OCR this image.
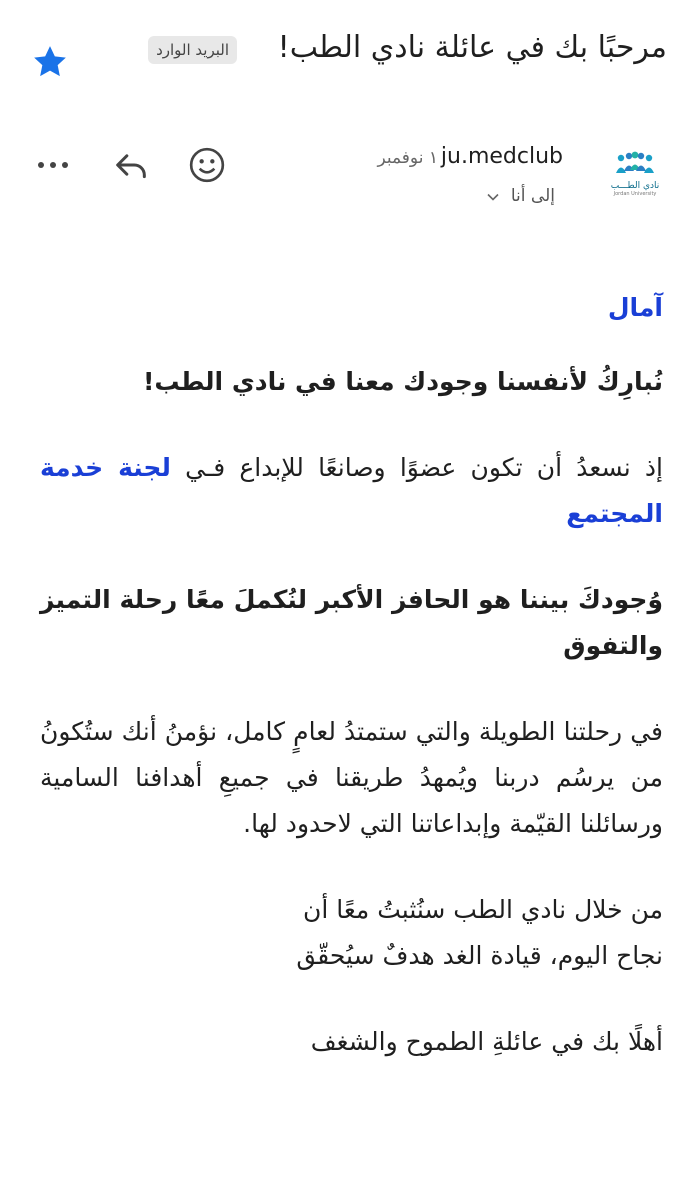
مرحبًا بك في عائلة نادي الطب!
البريد الوارد
نادي الطـــب
Jordan University
ju.medclub
١ نوفمبر
إلى أنا

آمال

نُبارِكُ لأنفسنا وجودك معنا في نادي الطب!

إذ نسعدُ أن تكون عضوًا وصانعًا للإبداع فـي لجنة خدمة المجتمع

وُجودكَ بيننا هو الحافز الأكبر لنُكملَ معًا رحلة التميز والتفوق

في رحلتنا الطويلة والتي ستمتدُ لعامٍ كامل، نؤمنُ أنك ستُكونُ من يرسُم دربنا ويُمهدُ طريقنا في جميعِ أهدافنا السامية ورسائلنا القيّمة وإبداعاتنا التي لاحدود لها.

من خلال نادي الطب سنُثبتُ معًا أن
نجاح اليوم، قيادة الغد هدفٌ سيُحقّق

أهلًا بك في عائلةِ الطموح والشغف
